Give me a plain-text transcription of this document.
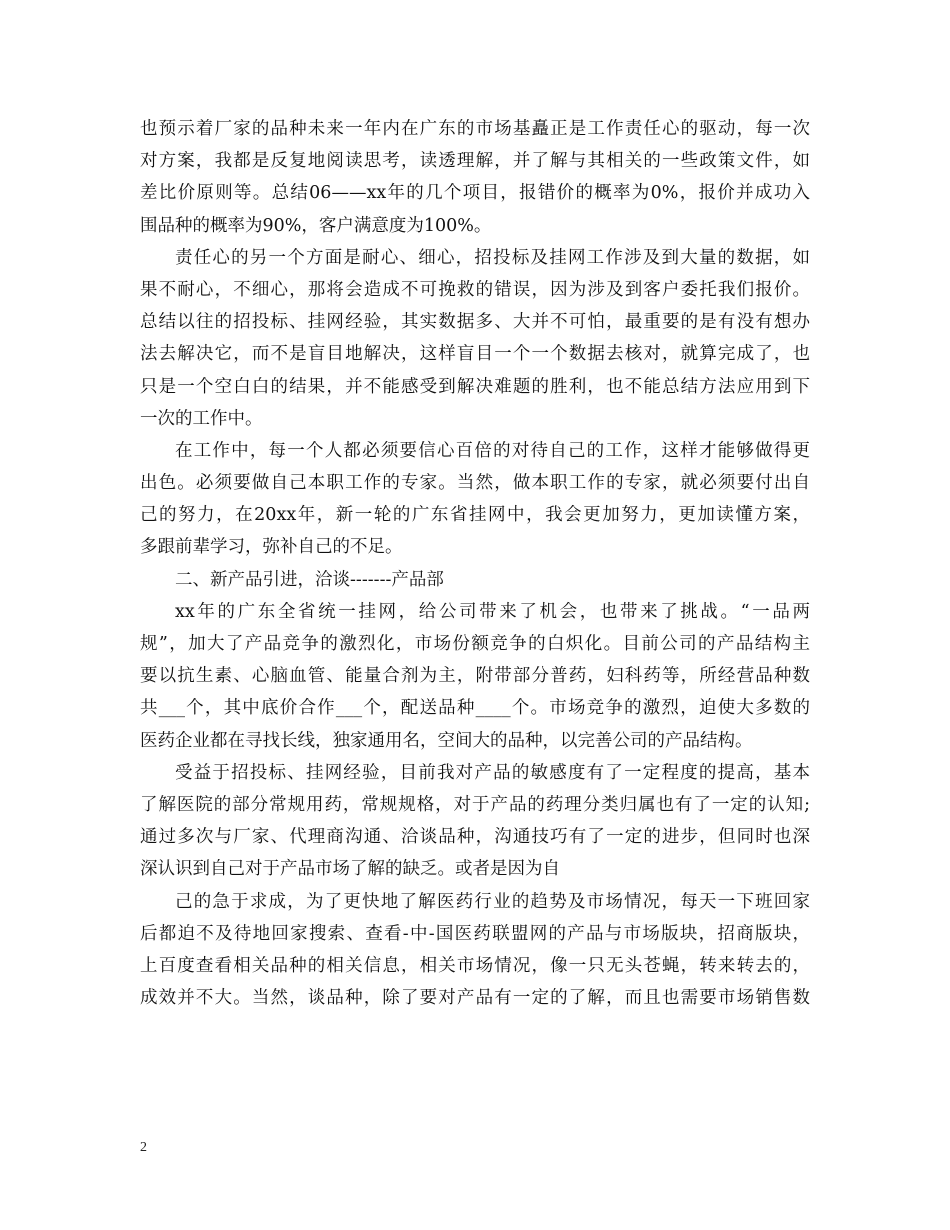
也预示着厂家的品种未来一年内在广东的市场基矗正是工作责任心的驱动，每一次
对方案，我都是反复地阅读思考，读透理解，并了解与其相关的一些政策文件，如
差比价原则等。总结06——xx年的几个项目，报错价的概率为0%，报价并成功入
围品种的概率为90%，客户满意度为100%。
责任心的另一个方面是耐心、细心，招投标及挂网工作涉及到大量的数据，如
果不耐心，不细心，那将会造成不可挽救的错误，因为涉及到客户委托我们报价。
总结以往的招投标、挂网经验，其实数据多、大并不可怕，最重要的是有没有想办
法去解决它，而不是盲目地解决，这样盲目一个一个数据去核对，就算完成了，也
只是一个空白白的结果，并不能感受到解决难题的胜利，也不能总结方法应用到下
一次的工作中。
在工作中，每一个人都必须要信心百倍的对待自己的工作，这样才能够做得更
出色。必须要做自己本职工作的专家。当然，做本职工作的专家，就必须要付出自
己的努力，在20xx年，新一轮的广东省挂网中，我会更加努力，更加读懂方案，
多跟前辈学习，弥补自己的不足。
二、新产品引进，洽谈-------产品部
xx年的广东全省统一挂网，给公司带来了机会，也带来了挑战。“一品两
规”，加大了产品竞争的激烈化，市场份额竞争的白炽化。目前公司的产品结构主
要以抗生素、心脑血管、能量合剂为主，附带部分普药，妇科药等，所经营品种数
共___个，其中底价合作___个，配送品种____个。市场竞争的激烈，迫使大多数的
医药企业都在寻找长线，独家通用名，空间大的品种，以完善公司的产品结构。
受益于招投标、挂网经验，目前我对产品的敏感度有了一定程度的提高，基本
了解医院的部分常规用药，常规规格，对于产品的药理分类归属也有了一定的认知;
通过多次与厂家、代理商沟通、洽谈品种，沟通技巧有了一定的进步，但同时也深
深认识到自己对于产品市场了解的缺乏。或者是因为自
己的急于求成，为了更快地了解医药行业的趋势及市场情况，每天一下班回家
后都迫不及待地回家搜索、查看-中-国医药联盟网的产品与市场版块，招商版块，
上百度查看相关品种的相关信息，相关市场情况，像一只无头苍蝇，转来转去的，
成效并不大。当然，谈品种，除了要对产品有一定的了解，而且也需要市场销售数
2
